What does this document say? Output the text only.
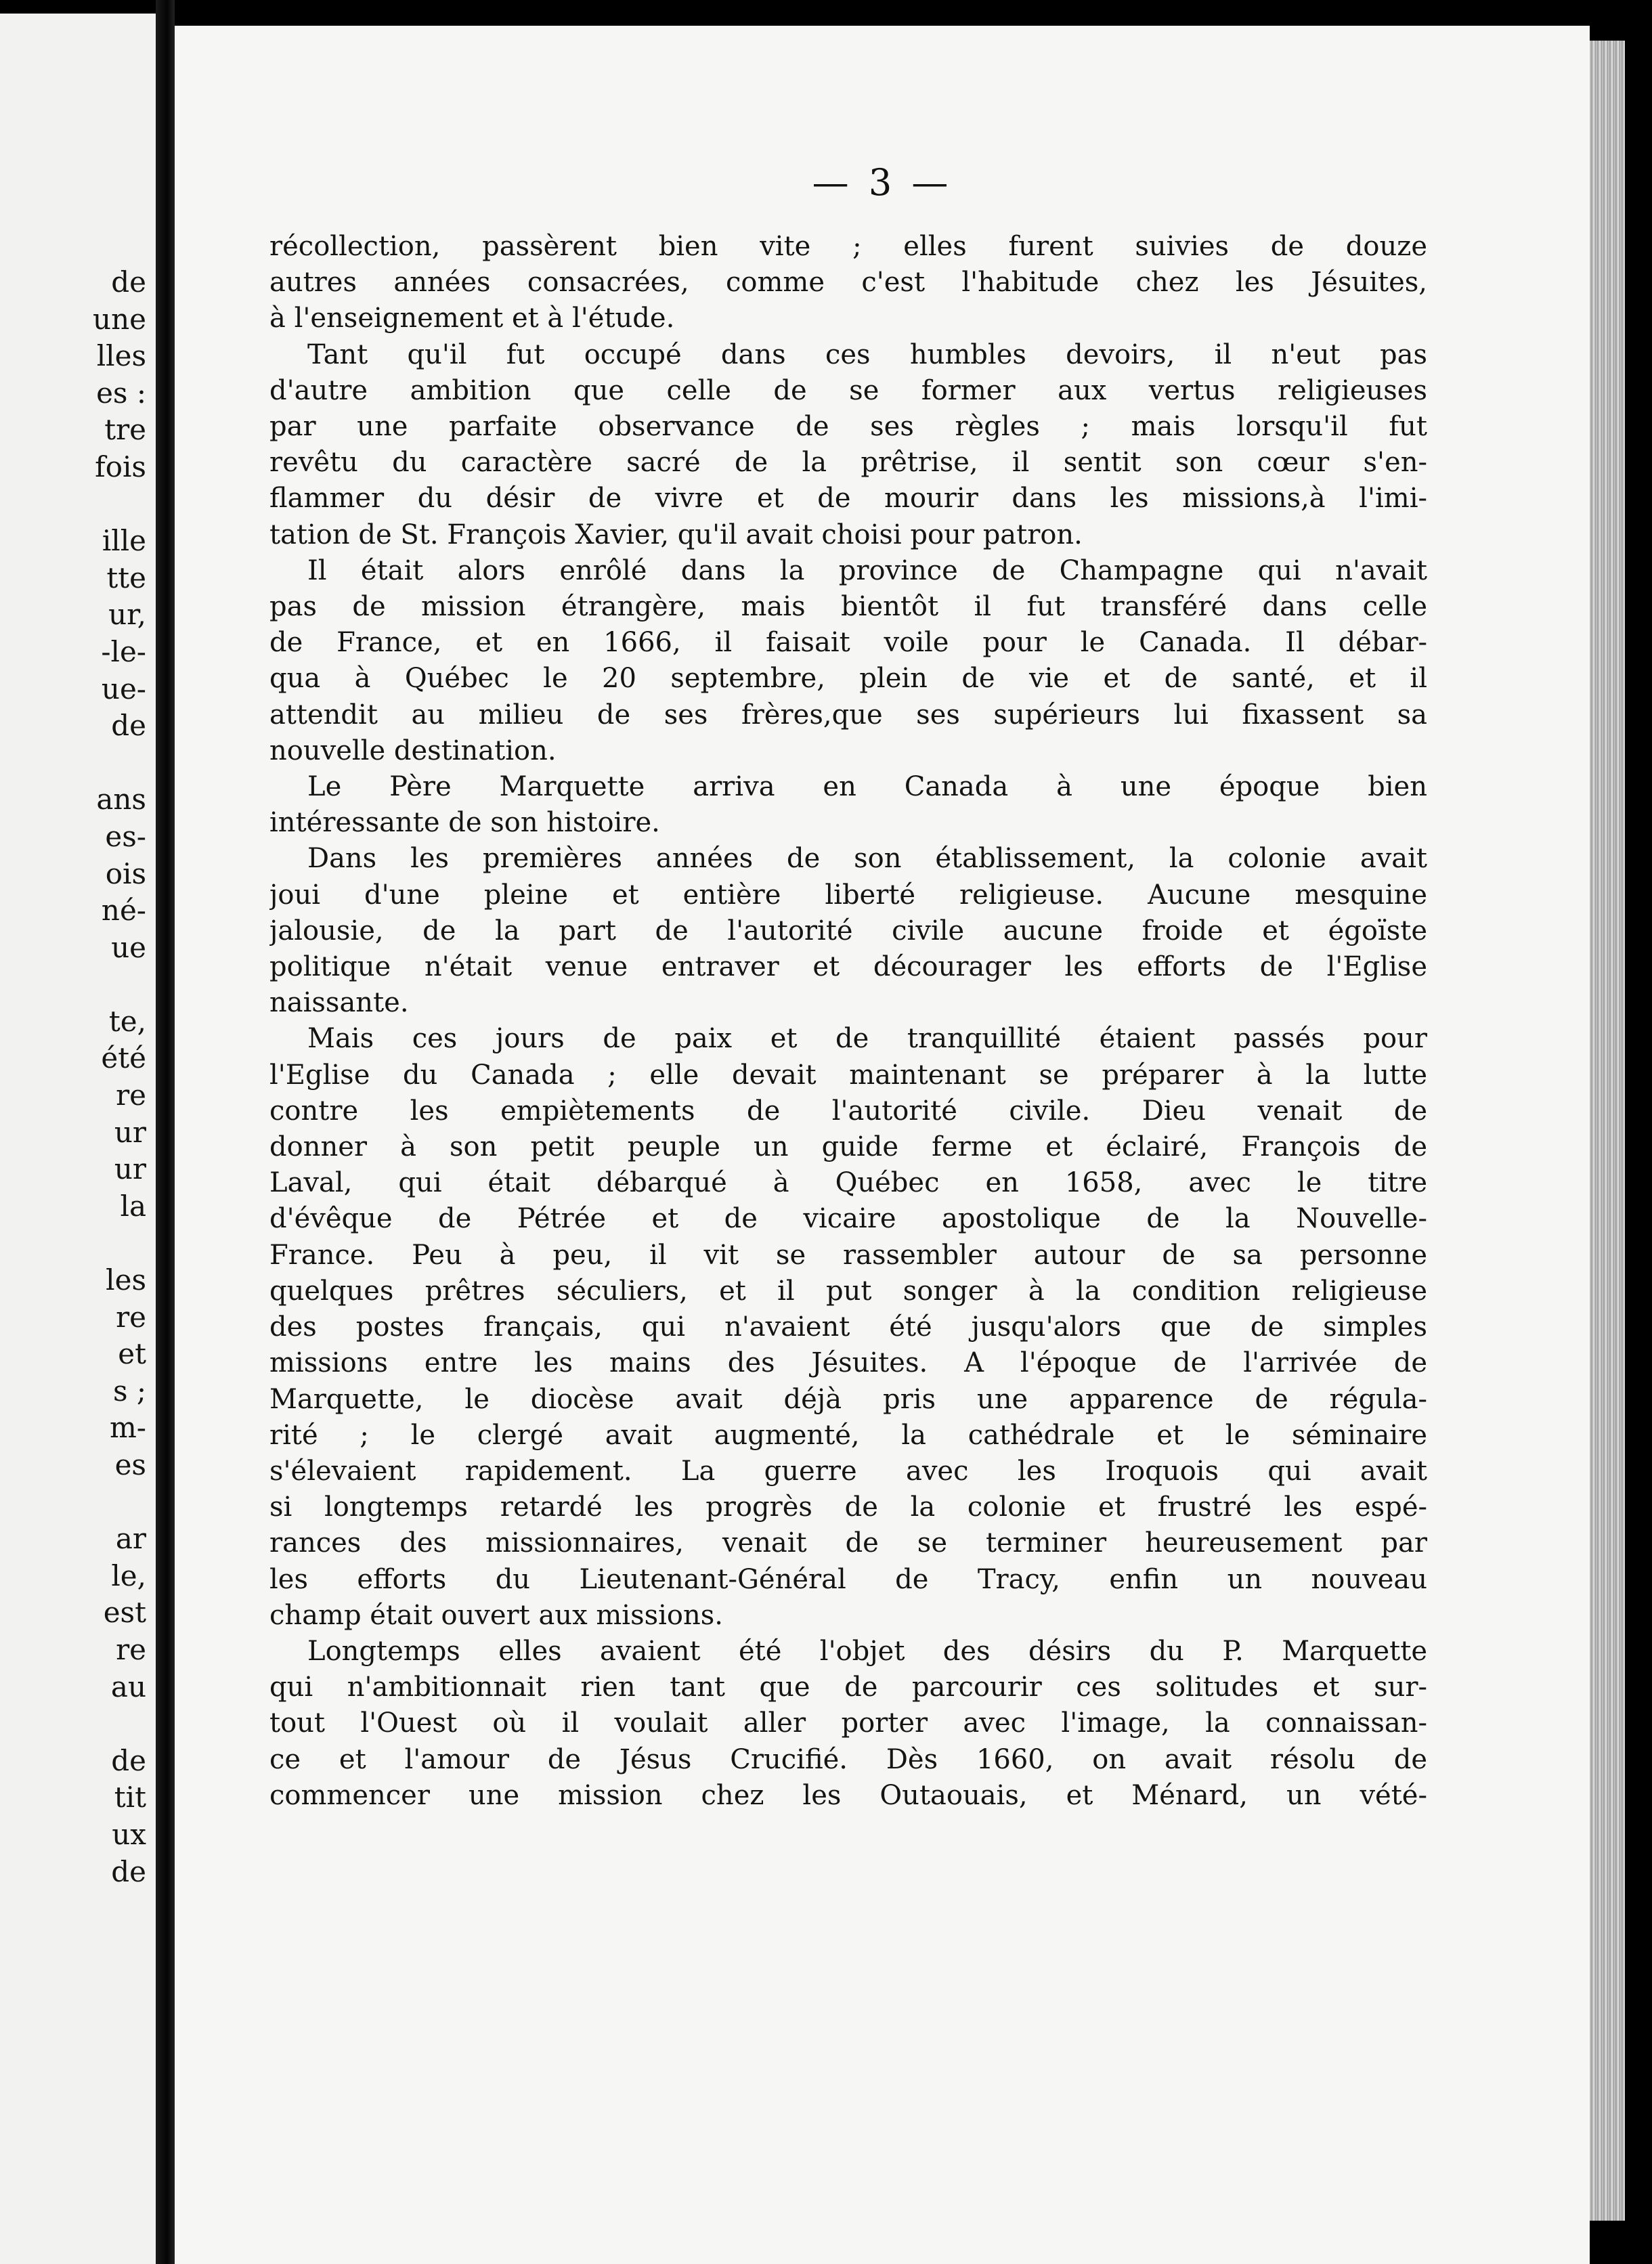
de
une
lles
es :
tre
fois

ille
tte
ur,
-le-
ue-
de

ans
es-
ois
né-
ue

te,
été
re
ur
ur
la

les
re
et
s ;
m-
es

ar
le,
est
re
au

de
tit
ux
de
— 3 —
récollection, passèrent bien vite ; elles furent suivies de douze
autres années consacrées, comme c'est l'habitude chez les Jésuites,
à l'enseignement et à l'étude.
Tant qu'il fut occupé dans ces humbles devoirs, il n'eut pas
d'autre ambition que celle de se former aux vertus religieuses
par une parfaite observance de ses règles ; mais lorsqu'il fut
revêtu du caractère sacré de la prêtrise, il sentit son cœur s'en-
flammer du désir de vivre et de mourir dans les missions,à l'imi-
tation de St. François Xavier, qu'il avait choisi pour patron.
Il était alors enrôlé dans la province de Champagne qui n'avait
pas de mission étrangère, mais bientôt il fut transféré dans celle
de France, et en 1666, il faisait voile pour le Canada. Il débar-
qua à Québec le 20 septembre, plein de vie et de santé, et il
attendit au milieu de ses frères,que ses supérieurs lui fixassent sa
nouvelle destination.
Le Père Marquette arriva en Canada à une époque bien
intéressante de son histoire.
Dans les premières années de son établissement, la colonie avait
joui d'une pleine et entière liberté religieuse. Aucune mesquine
jalousie, de la part de l'autorité civile aucune froide et égoïste
politique n'était venue entraver et décourager les efforts de l'Eglise
naissante.
Mais ces jours de paix et de tranquillité étaient passés pour
l'Eglise du Canada ; elle devait maintenant se préparer à la lutte
contre les empiètements de l'autorité civile. Dieu venait de
donner à son petit peuple un guide ferme et éclairé, François de
Laval, qui était débarqué à Québec en 1658, avec le titre
d'évêque de Pétrée et de vicaire apostolique de la Nouvelle-
France. Peu à peu, il vit se rassembler autour de sa personne
quelques prêtres séculiers, et il put songer à la condition religieuse
des postes français, qui n'avaient été jusqu'alors que de simples
missions entre les mains des Jésuites. A l'époque de l'arrivée de
Marquette, le diocèse avait déjà pris une apparence de régula-
rité ; le clergé avait augmenté, la cathédrale et le séminaire
s'élevaient rapidement. La guerre avec les Iroquois qui avait
si longtemps retardé les progrès de la colonie et frustré les espé-
rances des missionnaires, venait de se terminer heureusement par
les efforts du Lieutenant-Général de Tracy, enfin un nouveau
champ était ouvert aux missions.
Longtemps elles avaient été l'objet des désirs du P. Marquette
qui n'ambitionnait rien tant que de parcourir ces solitudes et sur-
tout l'Ouest où il voulait aller porter avec l'image, la connaissan-
ce et l'amour de Jésus Crucifié. Dès 1660, on avait résolu de
commencer une mission chez les Outaouais, et Ménard, un vété-
